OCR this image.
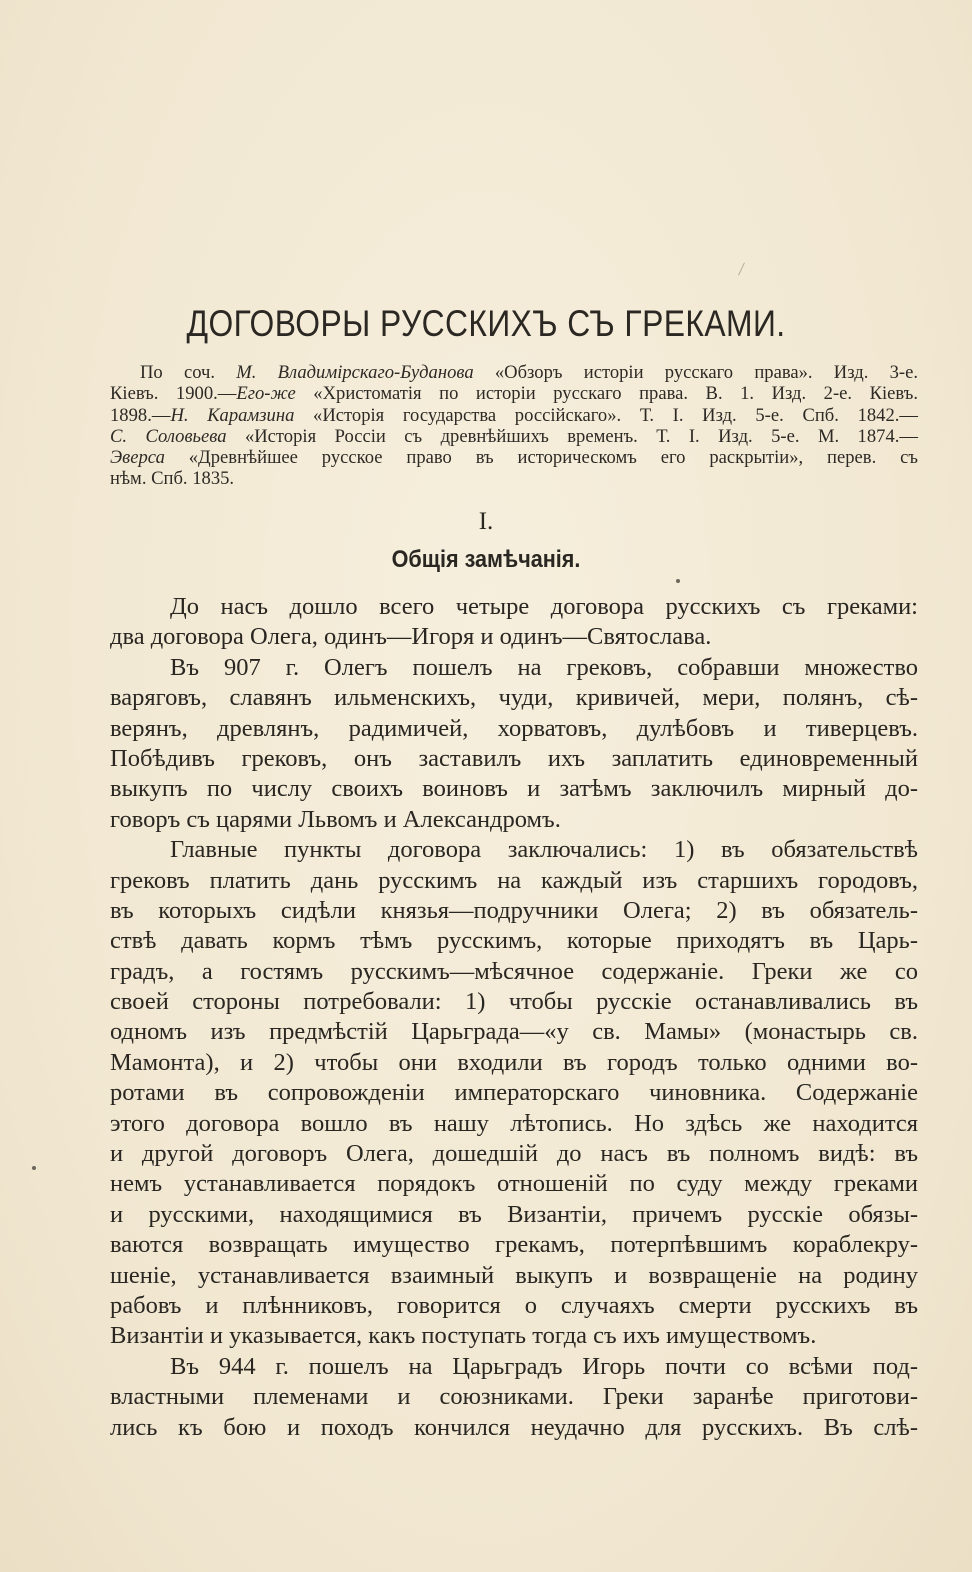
ДОГОВОРЫ РУССКИХЪ СЪ ГРЕКАМИ.
По соч. М. Владимірскаго-Буданова «Обзоръ исторіи русскаго права». Изд. 3-е.
Кіевъ. 1900.—Его-же «Христоматія по исторіи русскаго права. В. 1. Изд. 2-е. Кіевъ.
1898.—Н. Карамзина «Исторія государства россійскаго». Т. I. Изд. 5-е. Спб. 1842.—
С. Соловьева «Исторія Россіи съ древнѣйшихъ временъ. Т. I. Изд. 5-е. М. 1874.—
Эверса «Древнѣйшее русское право въ историческомъ его раскрытіи», перев. съ
нѣм. Спб. 1835.
I.
Общія замѣчанія.
До насъ дошло всего четыре договора русскихъ съ греками:
два договора Олега, одинъ—Игоря и одинъ—Святослава.
Въ 907 г. Олегъ пошелъ на грековъ, собравши множество
варяговъ, славянъ ильменскихъ, чуди, кривичей, мери, полянъ, сѣ-
верянъ, древлянъ, радимичей, хорватовъ, дулѣбовъ и тиверцевъ.
Побѣдивъ грековъ, онъ заставилъ ихъ заплатить единовременный
выкупъ по числу своихъ воиновъ и затѣмъ заключилъ мирный до-
говоръ съ царями Львомъ и Александромъ.
Главные пункты договора заключались: 1) въ обязательствѣ
грековъ платить дань русскимъ на каждый изъ старшихъ городовъ,
въ которыхъ сидѣли князья—подручники Олега; 2) въ обязатель-
ствѣ давать кормъ тѣмъ русскимъ, которые приходятъ въ Царь-
градъ, а гостямъ русскимъ—мѣсячное содержаніе. Греки же со
своей стороны потребовали: 1) чтобы русскіе останавливались въ
одномъ изъ предмѣстій Царьграда—«у св. Мамы» (монастырь св.
Мамонта), и 2) чтобы они входили въ городъ только одними во-
ротами въ сопровожденіи императорскаго чиновника. Содержаніе
этого договора вошло въ нашу лѣтопись. Но здѣсь же находится
и другой договоръ Олега, дошедшій до насъ въ полномъ видѣ: въ
немъ устанавливается порядокъ отношеній по суду между греками
и русскими, находящимися въ Византіи, причемъ русскіе обязы-
ваются возвращать имущество грекамъ, потерпѣвшимъ кораблекру-
шеніе, устанавливается взаимный выкупъ и возвращеніе на родину
рабовъ и плѣнниковъ, говорится о случаяхъ смерти русскихъ въ
Византіи и указывается, какъ поступать тогда съ ихъ имуществомъ.
Въ 944 г. пошелъ на Царьградъ Игорь почти со всѣми под-
властными племенами и союзниками. Греки заранѣе приготови-
лись къ бою и походъ кончился неудачно для русскихъ. Въ слѣ-
